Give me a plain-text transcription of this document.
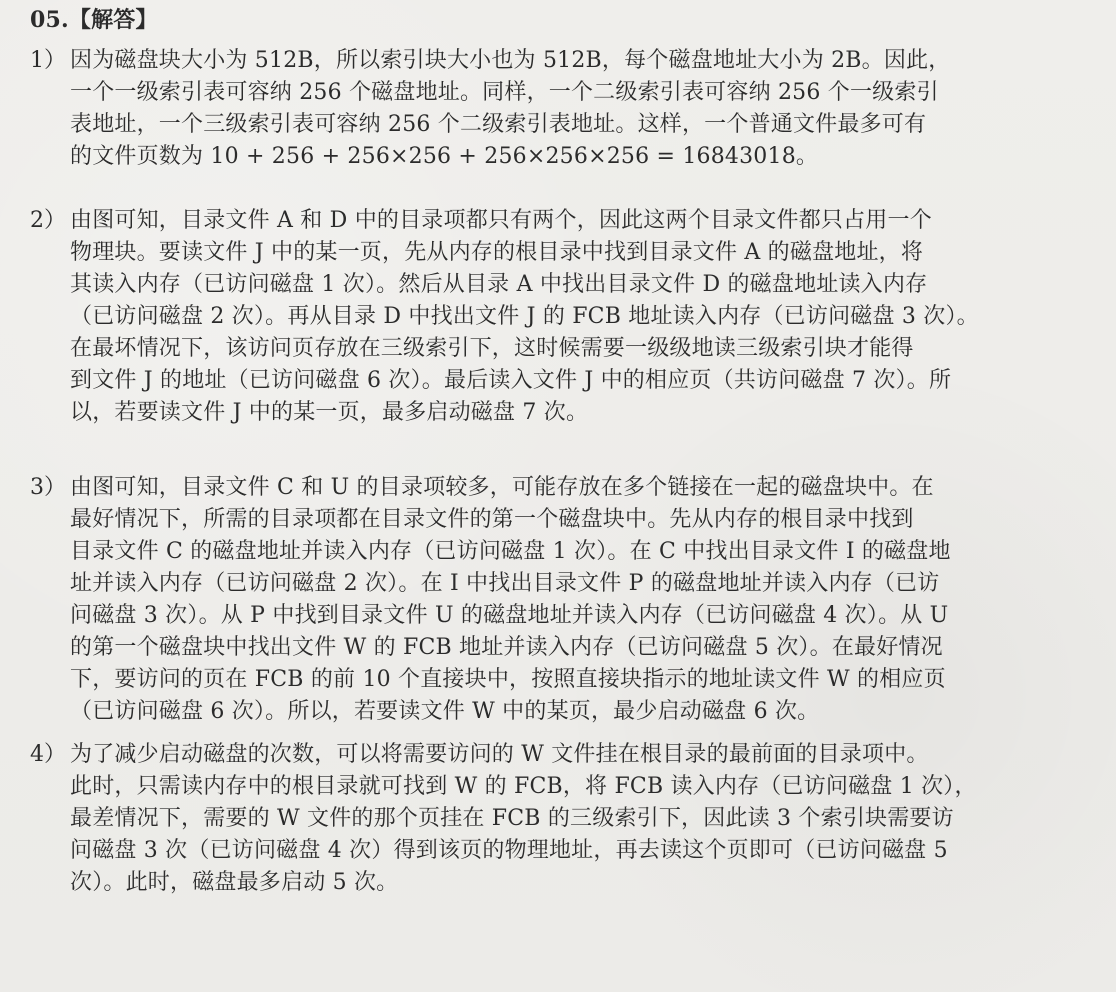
05.【解答】
1） 因为磁盘块大小为 512B，所以索引块大小也为 512B，每个磁盘地址大小为 2B。因此，
一个一级索引表可容纳 256 个磁盘地址。同样，一个二级索引表可容纳 256 个一级索引
表地址，一个三级索引表可容纳 256 个二级索引表地址。这样，一个普通文件最多可有
的文件页数为 10 + 256 + 256×256 + 256×256×256 = 16843018。
2） 由图可知，目录文件 A 和 D 中的目录项都只有两个，因此这两个目录文件都只占用一个
物理块。要读文件 J 中的某一页，先从内存的根目录中找到目录文件 A 的磁盘地址，将
其读入内存（已访问磁盘 1 次）。然后从目录 A 中找出目录文件 D 的磁盘地址读入内存
（已访问磁盘 2 次）。再从目录 D 中找出文件 J 的 FCB 地址读入内存（已访问磁盘 3 次）。
在最坏情况下，该访问页存放在三级索引下，这时候需要一级级地读三级索引块才能得
到文件 J 的地址（已访问磁盘 6 次）。最后读入文件 J 中的相应页（共访问磁盘 7 次）。所
以，若要读文件 J 中的某一页，最多启动磁盘 7 次。
3） 由图可知，目录文件 C 和 U 的目录项较多，可能存放在多个链接在一起的磁盘块中。在
最好情况下，所需的目录项都在目录文件的第一个磁盘块中。先从内存的根目录中找到
目录文件 C 的磁盘地址并读入内存（已访问磁盘 1 次）。在 C 中找出目录文件 I 的磁盘地
址并读入内存（已访问磁盘 2 次）。在 I 中找出目录文件 P 的磁盘地址并读入内存（已访
问磁盘 3 次）。从 P 中找到目录文件 U 的磁盘地址并读入内存（已访问磁盘 4 次）。从 U
的第一个磁盘块中找出文件 W 的 FCB 地址并读入内存（已访问磁盘 5 次）。在最好情况
下，要访问的页在 FCB 的前 10 个直接块中，按照直接块指示的地址读文件 W 的相应页
（已访问磁盘 6 次）。所以，若要读文件 W 中的某页，最少启动磁盘 6 次。
4） 为了减少启动磁盘的次数，可以将需要访问的 W 文件挂在根目录的最前面的目录项中。
此时，只需读内存中的根目录就可找到 W 的 FCB，将 FCB 读入内存（已访问磁盘 1 次），
最差情况下，需要的 W 文件的那个页挂在 FCB 的三级索引下，因此读 3 个索引块需要访
问磁盘 3 次（已访问磁盘 4 次）得到该页的物理地址，再去读这个页即可（已访问磁盘 5
次）。此时，磁盘最多启动 5 次。
